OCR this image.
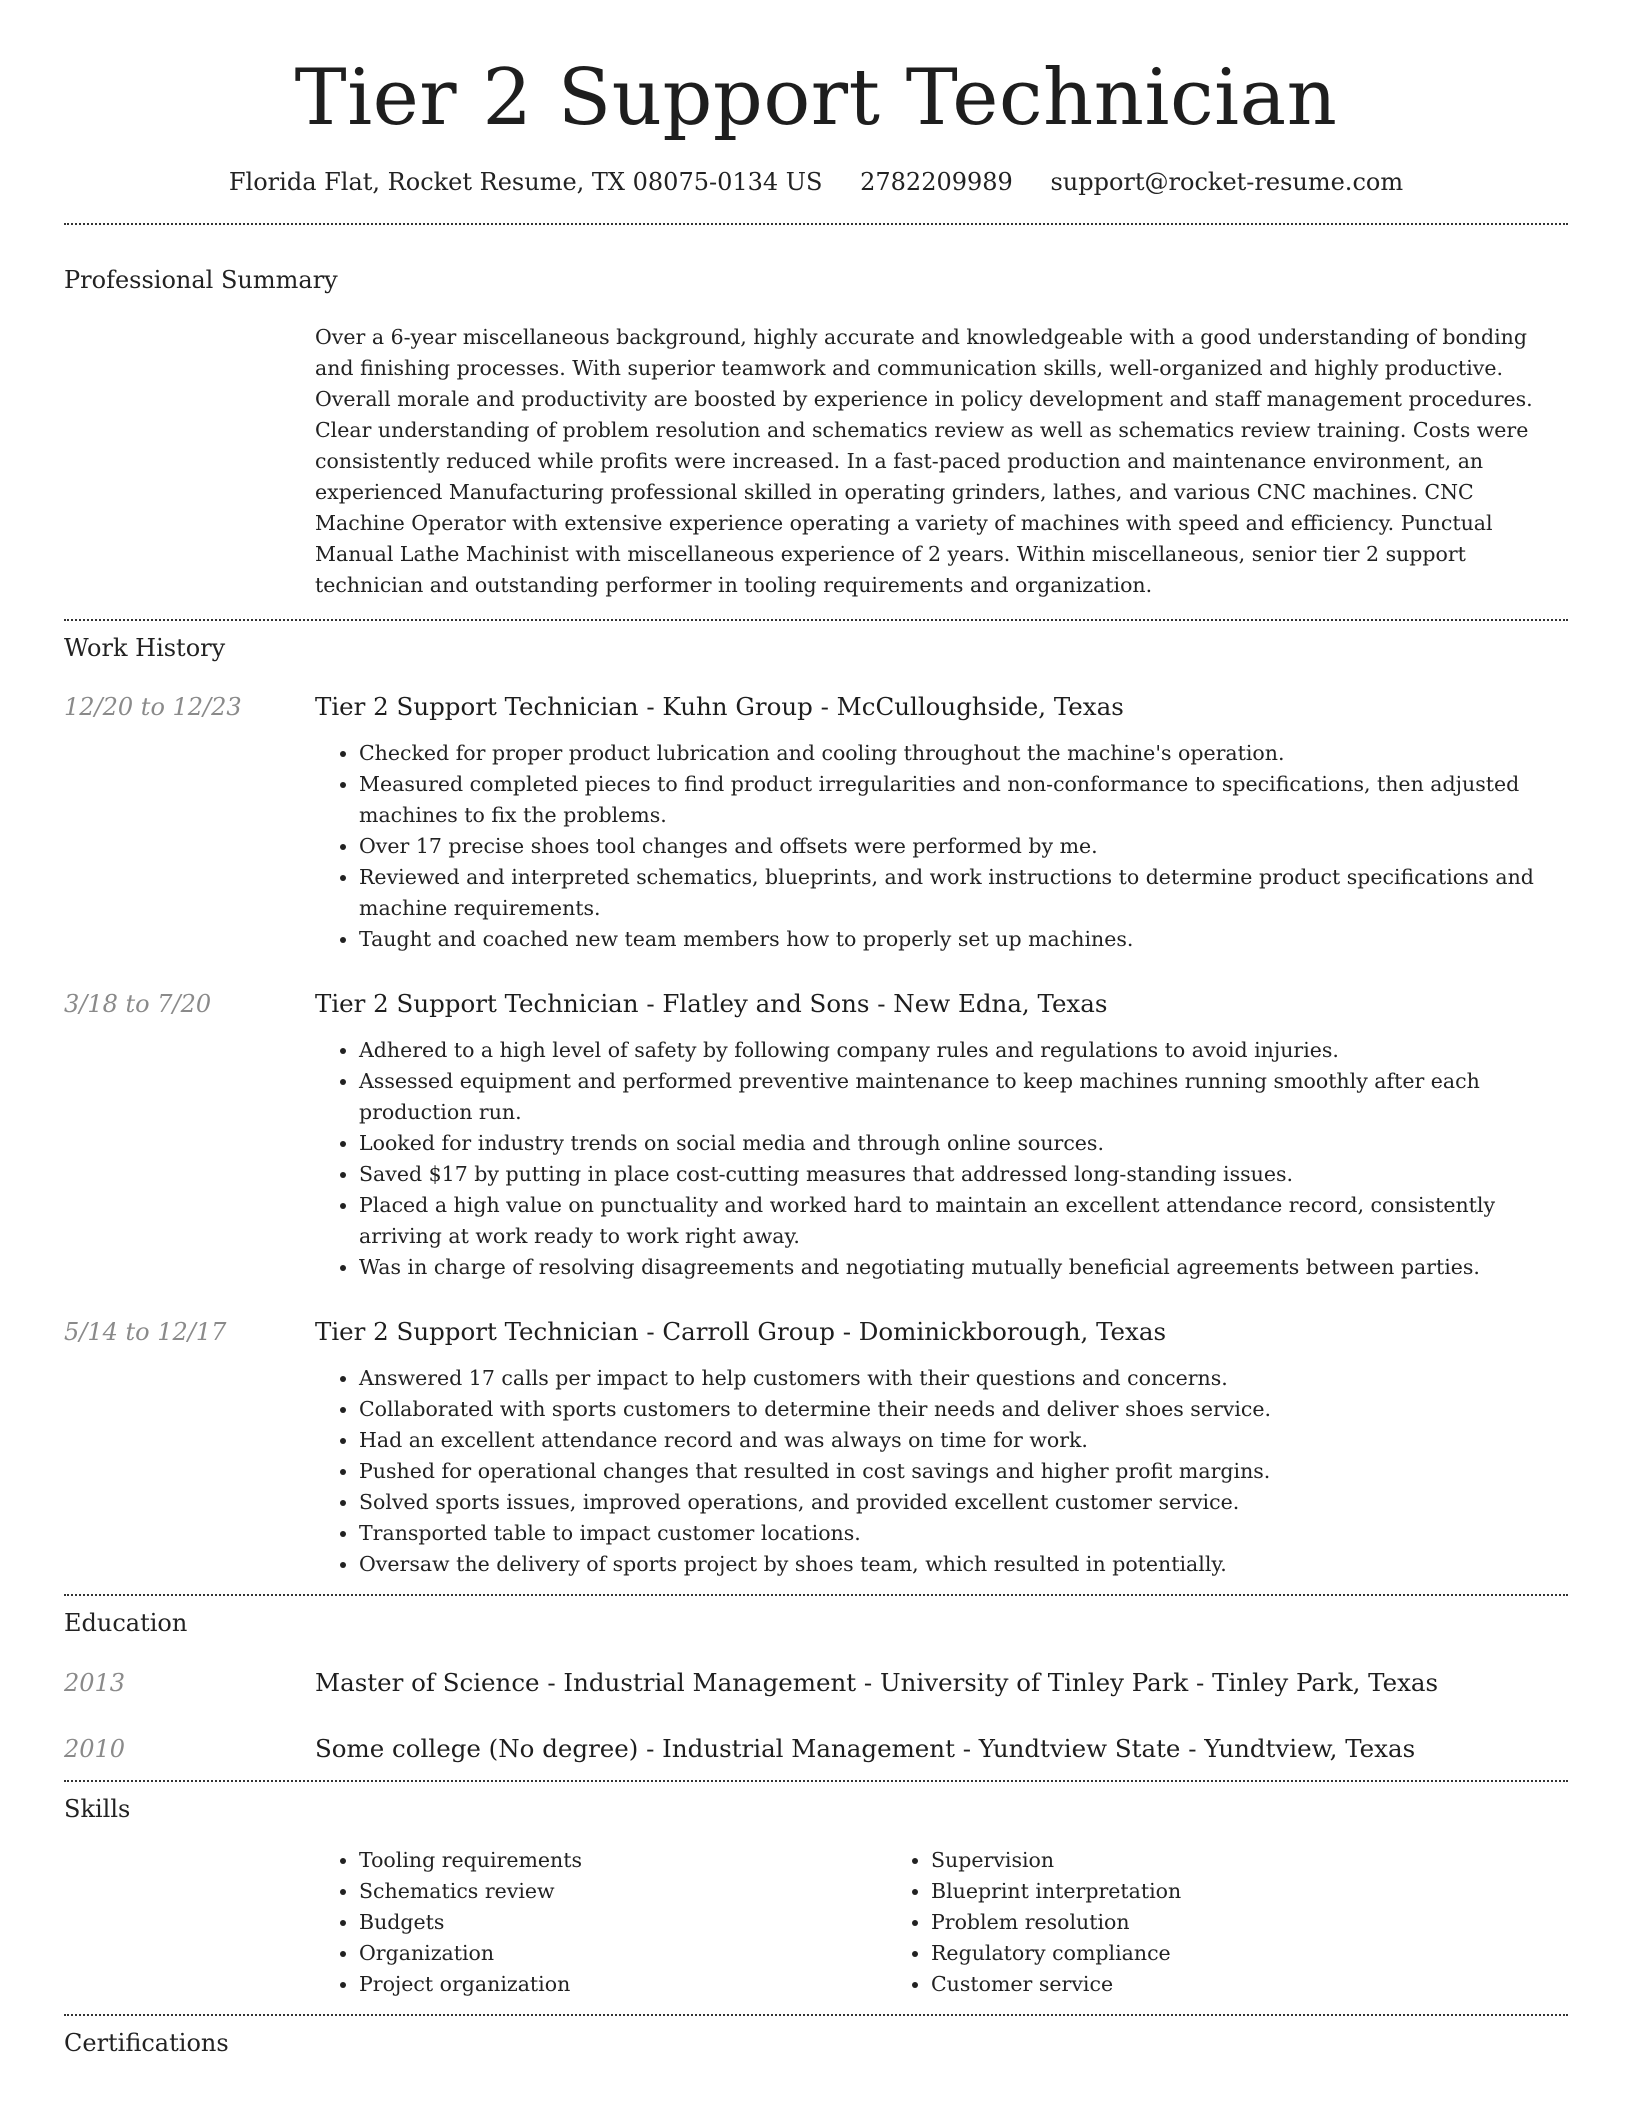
Tier 2 Support Technician
Florida Flat, Rocket Resume, TX 08075-0134 US 2782209989 support@rocket-resume.com
Professional Summary
Over a 6-year miscellaneous background, highly accurate and knowledgeable with a good understanding of bonding and finishing processes. With superior teamwork and communication skills, well-organized and highly productive. Overall morale and productivity are boosted by experience in policy development and staff management procedures. Clear understanding of problem resolution and schematics review as well as schematics review training. Costs were consistently reduced while profits were increased. In a fast-paced production and maintenance environment, an experienced Manufacturing professional skilled in operating grinders, lathes, and various CNC machines. CNC Machine Operator with extensive experience operating a variety of machines with speed and efficiency. Punctual Manual Lathe Machinist with miscellaneous experience of 2 years. Within miscellaneous, senior tier 2 support technician and outstanding performer in tooling requirements and organization.
Work History
12/20 to 12/23	Tier 2 Support Technician - Kuhn Group - McCulloughside, Texas
• Checked for proper product lubrication and cooling throughout the machine's operation.
• Measured completed pieces to find product irregularities and non-conformance to specifications, then adjusted machines to fix the problems.
• Over 17 precise shoes tool changes and offsets were performed by me.
• Reviewed and interpreted schematics, blueprints, and work instructions to determine product specifications and machine requirements.
• Taught and coached new team members how to properly set up machines.
3/18 to 7/20	Tier 2 Support Technician - Flatley and Sons - New Edna, Texas
• Adhered to a high level of safety by following company rules and regulations to avoid injuries.
• Assessed equipment and performed preventive maintenance to keep machines running smoothly after each production run.
• Looked for industry trends on social media and through online sources.
• Saved $17 by putting in place cost-cutting measures that addressed long-standing issues.
• Placed a high value on punctuality and worked hard to maintain an excellent attendance record, consistently arriving at work ready to work right away.
• Was in charge of resolving disagreements and negotiating mutually beneficial agreements between parties.
5/14 to 12/17	Tier 2 Support Technician - Carroll Group - Dominickborough, Texas
• Answered 17 calls per impact to help customers with their questions and concerns.
• Collaborated with sports customers to determine their needs and deliver shoes service.
• Had an excellent attendance record and was always on time for work.
• Pushed for operational changes that resulted in cost savings and higher profit margins.
• Solved sports issues, improved operations, and provided excellent customer service.
• Transported table to impact customer locations.
• Oversaw the delivery of sports project by shoes team, which resulted in potentially.
Education
2013	Master of Science - Industrial Management - University of Tinley Park - Tinley Park, Texas
2010	Some college (No degree) - Industrial Management - Yundtview State - Yundtview, Texas
Skills
• Tooling requirements
• Schematics review
• Budgets
• Organization
• Project organization
• Supervision
• Blueprint interpretation
• Problem resolution
• Regulatory compliance
• Customer service
Certifications
